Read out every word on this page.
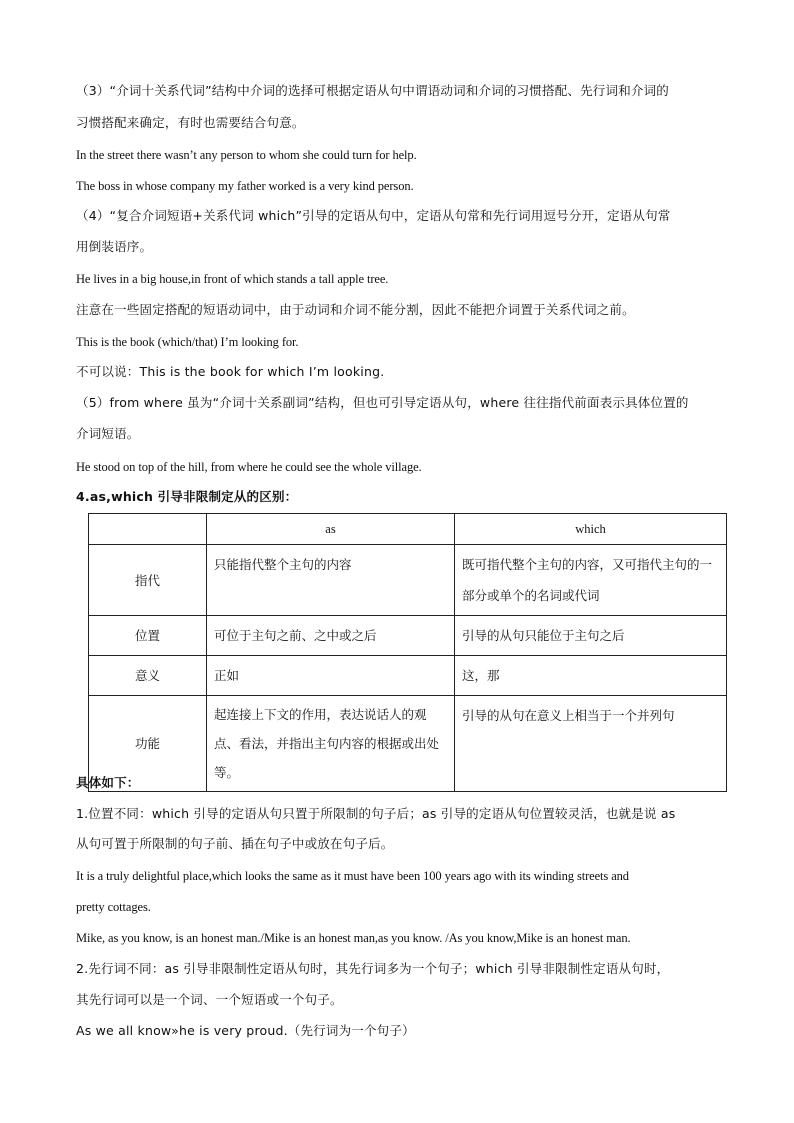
（3）“介词十关系代词”结构中介词的选择可根据定语从句中谓语动词和介词的习惯搭配、先行词和介词的
习惯搭配来确定，有时也需要结合句意。
In the street there wasn’t any person to whom she could turn for help.
The boss in whose company my father worked is a very kind person.
（4）“复合介词短语+关系代词 which”引导的定语从句中，定语从句常和先行词用逗号分开，定语从句常
用倒装语序。
He lives in a big house,in front of which stands a tall apple tree.
注意在一些固定搭配的短语动词中，由于动词和介词不能分割，因此不能把介词置于关系代词之前。
This is the book (which/that) I’m looking for.
不可以说：This is the book for which I’m looking.
（5）from where 虽为“介词十关系副词”结构，但也可引导定语从句，where 往往指代前面表示具体位置的
介词短语。
He stood on top of the hill, from where he could see the whole village.
4.as,which 引导非限制定从的区别：
	as	which
指代	只能指代整个主句的内容	既可指代整个主句的内容，又可指代主句的一部分或单个的名词或代词
位置	可位于主句之前、之中或之后	引导的从句只能位于主句之后
意义	正如	这，那
功能	起连接上下文的作用，表达说话人的观点、看法，并指出主句内容的根据或出处等。	引导的从句在意义上相当于一个并列句
具体如下：
1.位置不同：which 引导的定语从句只置于所限制的句子后；as 引导的定语从句位置较灵活，也就是说 as
从句可置于所限制的句子前、插在句子中或放在句子后。
It is a truly delightful place,which looks the same as it must have been 100 years ago with its winding streets and
pretty cottages.
Mike, as you know, is an honest man./Mike is an honest man,as you know. /As you know,Mike is an honest man.
2.先行词不同：as 引导非限制性定语从句时，其先行词多为一个句子；which 引导非限制性定语从句时，
其先行词可以是一个词、一个短语或一个句子。
As we all know»he is very proud.（先行词为一个句子）
